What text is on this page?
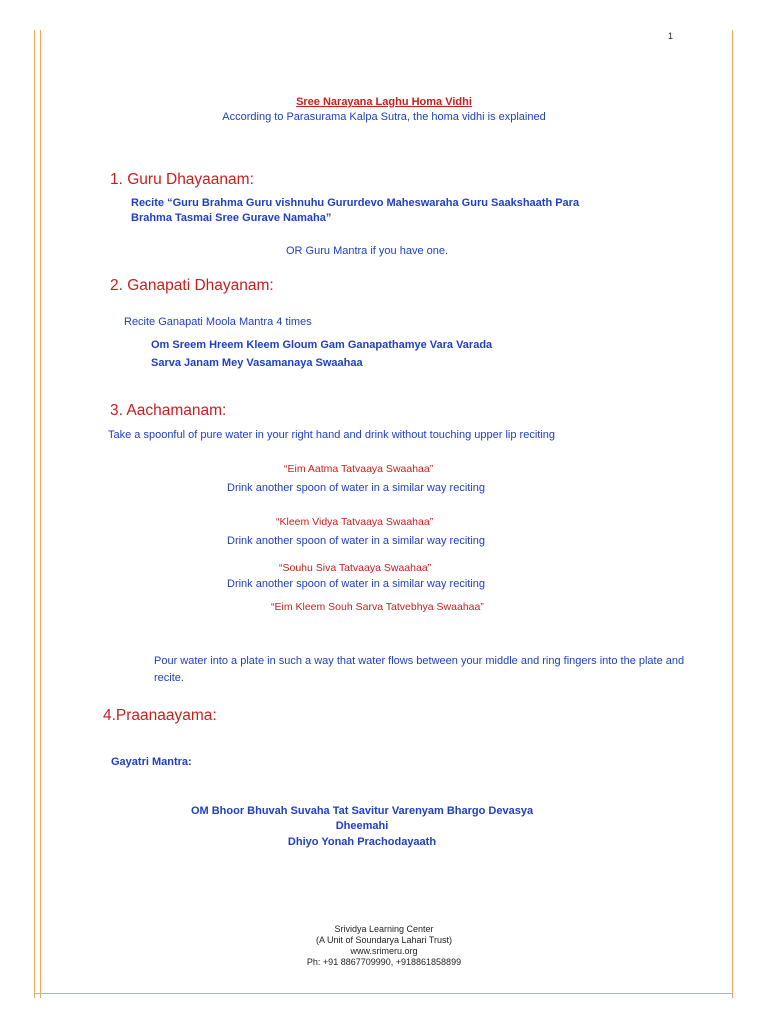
1
Sree Narayana Laghu Homa Vidhi
According to Parasurama Kalpa Sutra, the homa vidhi is explained
1. Guru Dhayaanam:
Recite “Guru Brahma Guru vishnuhu Gururdevo Maheswaraha Guru Saakshaath Para
Brahma Tasmai Sree Gurave Namaha”
OR Guru Mantra if you have one.
2. Ganapati Dhayanam:
Recite Ganapati Moola Mantra 4 times
Om Sreem Hreem Kleem Gloum Gam Ganapathamye Vara Varada
Sarva Janam Mey Vasamanaya Swaahaa
3. Aachamanam:
Take a spoonful of pure water in your right hand and drink without touching upper lip reciting
“Eim Aatma Tatvaaya Swaahaa”
Drink another spoon of water in a similar way reciting
“Kleem Vidya Tatvaaya Swaahaa”
Drink another spoon of water in a similar way reciting
“Souhu Siva Tatvaaya Swaahaa”
Drink another spoon of water in a similar way reciting
“Eim Kleem Souh Sarva Tatvebhya Swaahaa”
Pour water into a plate in such a way that water flows between your middle and ring fingers into the plate and
recite.
4.Praanaayama:
Gayatri Mantra:
OM Bhoor Bhuvah Suvaha Tat Savitur Varenyam Bhargo Devasya
Dheemahi
Dhiyo Yonah Prachodayaath
Srividya Learning Center
(A Unit of Soundarya Lahari Trust)
www.srimeru.org
Ph: +91 8867709990, +918861858899
